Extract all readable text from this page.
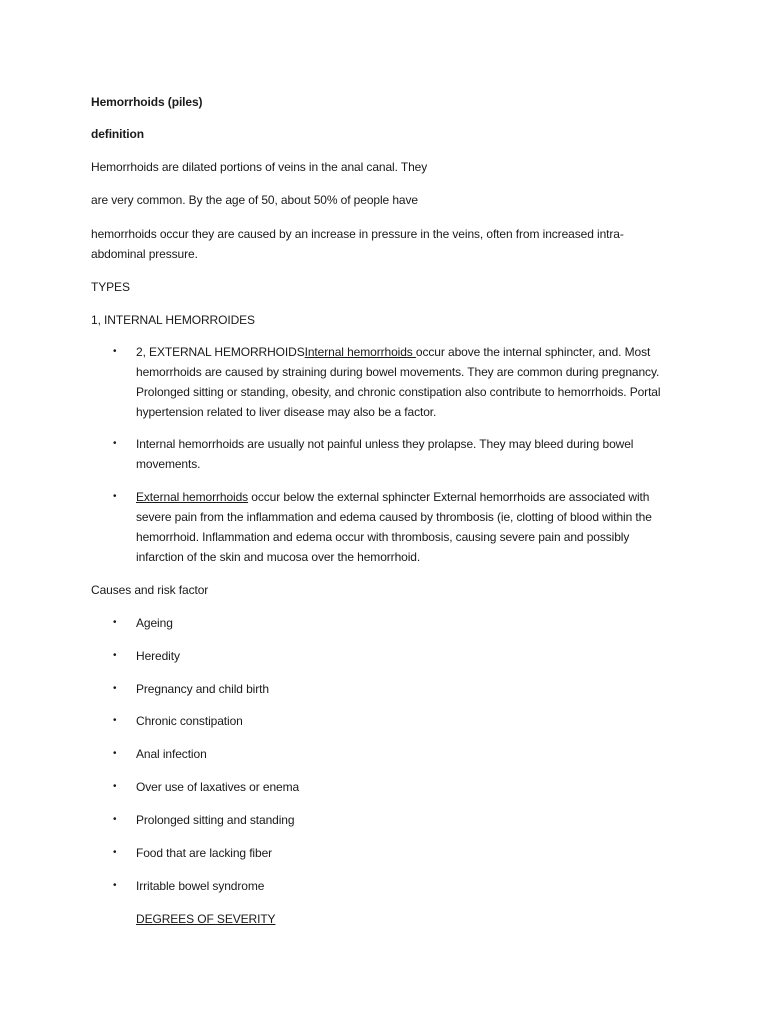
Hemorrhoids (piles)

definition

Hemorrhoids are dilated portions of veins in the anal canal. They

are very common. By the age of 50, about 50% of people have

hemorrhoids occur they are caused by an increase in pressure in the veins, often from increased intra-abdominal pressure.

TYPES

1, INTERNAL HEMORROIDES

• 2, EXTERNAL HEMORRHOIDSInternal hemorrhoids occur above the internal sphincter, and. Most hemorrhoids are caused by straining during bowel movements. They are common during pregnancy. Prolonged sitting or standing, obesity, and chronic constipation also contribute to hemorrhoids. Portal hypertension related to liver disease may also be a factor.
• Internal hemorrhoids are usually not painful unless they prolapse. They may bleed during bowel movements.
• External hemorrhoids occur below the external sphincter External hemorrhoids are associated with severe pain from the inflammation and edema caused by thrombosis (ie, clotting of blood within the hemorrhoid. Inflammation and edema occur with thrombosis, causing severe pain and possibly infarction of the skin and mucosa over the hemorrhoid.

Causes and risk factor

• Ageing
• Heredity
• Pregnancy and child birth
• Chronic constipation
• Anal infection
• Over use of laxatives or enema
• Prolonged sitting and standing
• Food that are lacking fiber
• Irritable bowel syndrome

DEGREES OF SEVERITY
